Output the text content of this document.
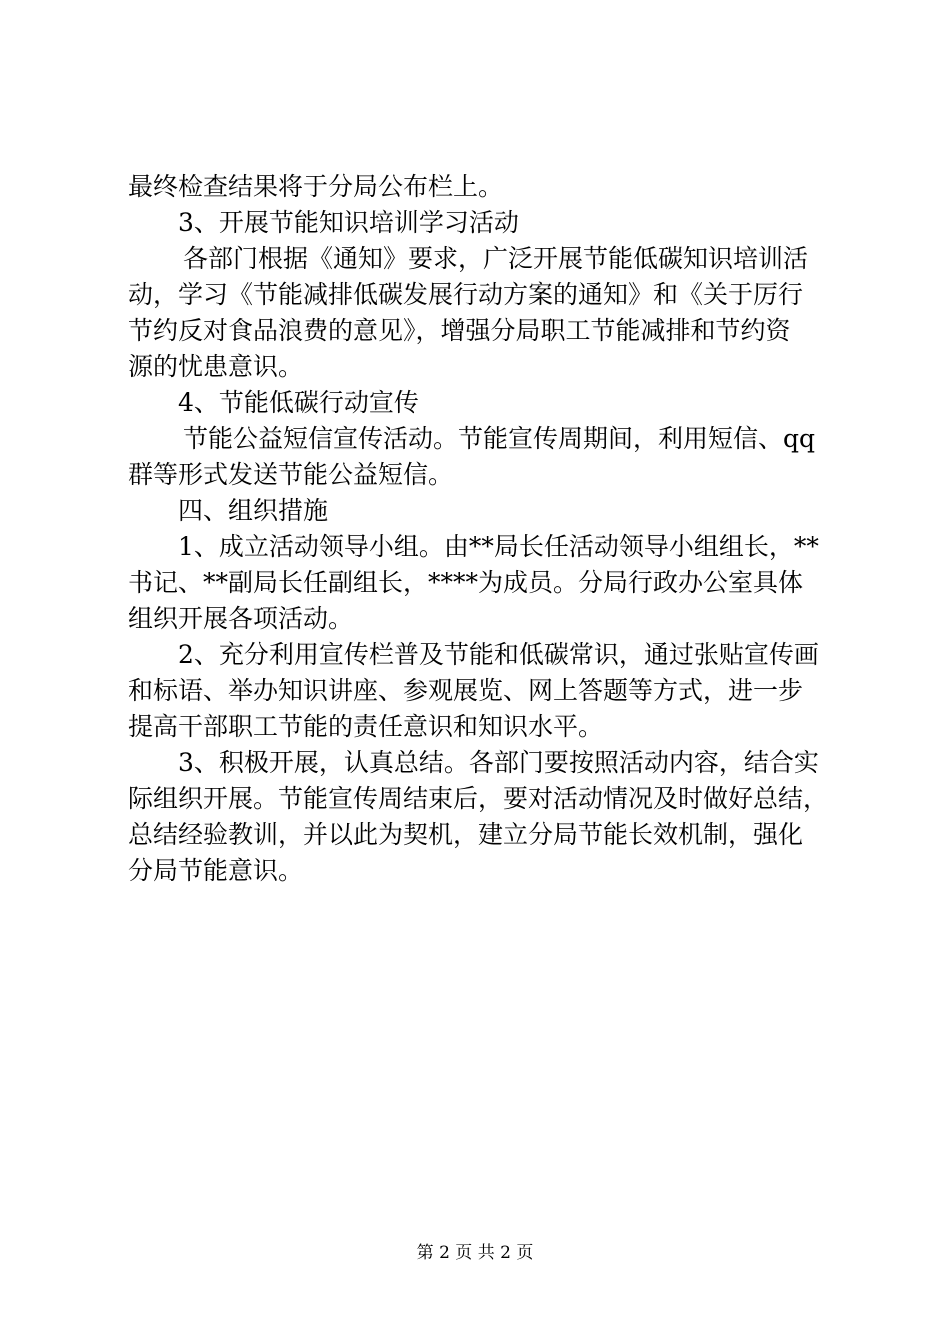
最终检查结果将于分局公布栏上。
3、开展节能知识培训学习活动
各部门根据《通知》要求，广泛开展节能低碳知识培训活
动，学习《节能减排低碳发展行动方案的通知》和《关于厉行
节约反对食品浪费的意见》，增强分局职工节能减排和节约资
源的忧患意识。
4、节能低碳行动宣传
节能公益短信宣传活动。节能宣传周期间，利用短信、qq
群等形式发送节能公益短信。
四、组织措施
1、成立活动领导小组。由**局长任活动领导小组组长，**
书记、**副局长任副组长，****为成员。分局行政办公室具体
组织开展各项活动。
2、充分利用宣传栏普及节能和低碳常识，通过张贴宣传画
和标语、举办知识讲座、参观展览、网上答题等方式，进一步
提高干部职工节能的责任意识和知识水平。
3、积极开展，认真总结。各部门要按照活动内容，结合实
际组织开展。节能宣传周结束后，要对活动情况及时做好总结，
总结经验教训，并以此为契机，建立分局节能长效机制，强化
分局节能意识。
第 2 页 共 2 页
